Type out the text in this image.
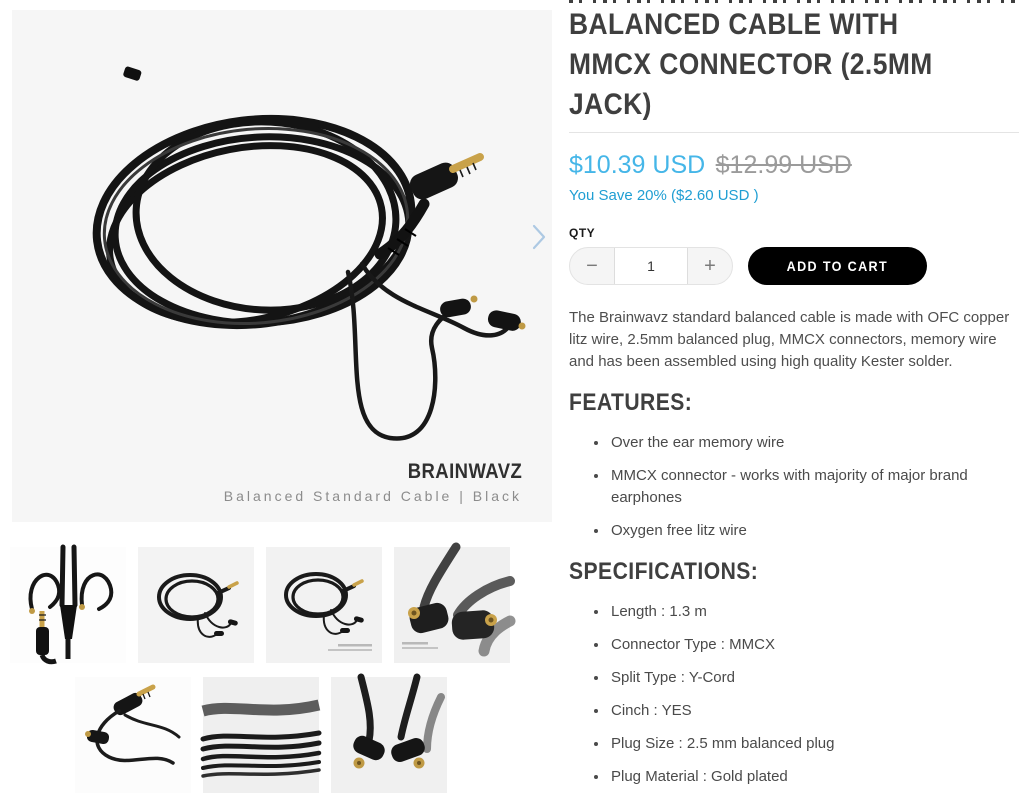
BRAINWAVZ
Balanced Standard Cable | Black
BALANCED CABLE WITH MMCX CONNECTOR (2.5MM JACK)
$10.39 USD $12.99 USD
You Save 20% ($2.60 USD )
QTY
−
1	+	ADD TO CART

The Brainwavz standard balanced cable is made with OFC copper litz wire, 2.5mm balanced plug, MMCX connectors, memory wire and has been assembled using high quality Kester solder.

FEATURES:
• Over the ear memory wire
• MMCX connector - works with majority of major brand earphones
• Oxygen free litz wire
SPECIFICATIONS:
• Length : 1.3 m
• Connector Type : MMCX
• Split Type : Y-Cord
• Cinch : YES
• Plug Size : 2.5 mm balanced plug
• Plug Material : Gold plated
